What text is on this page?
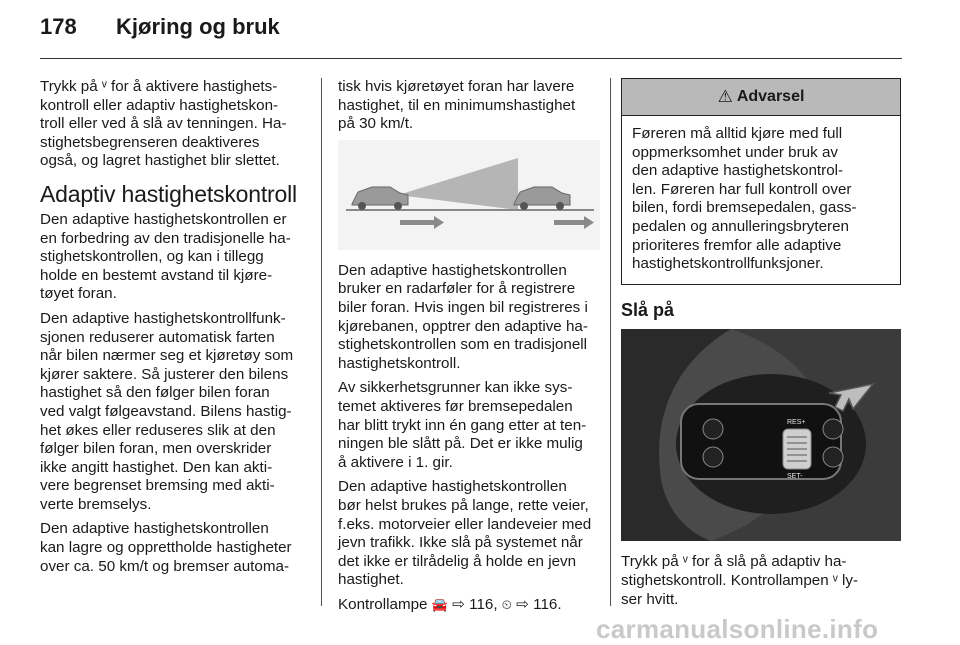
178 Kjøring og bruk

Trykk på ᵛ for å aktivere hastighets-
kontroll eller adaptiv hastighetskon-
troll eller ved å slå av tenningen. Ha-
stighetsbegrenseren deaktiveres
også, og lagret hastighet blir slettet.

Adaptiv hastighetskontroll

Den adaptive hastighetskontrollen er
en forbedring av den tradisjonelle ha-
stighetskontrollen, og kan i tillegg
holde en bestemt avstand til kjøre-
tøyet foran.

Den adaptive hastighetskontrollfunk-
sjonen reduserer automatisk farten
når bilen nærmer seg et kjøretøy som
kjører saktere. Så justerer den bilens
hastighet så den følger bilen foran
ved valgt følgeavstand. Bilens hastig-
het økes eller reduseres slik at den
følger bilen foran, men overskrider
ikke angitt hastighet. Den kan akti-
vere begrenset bremsing med akti-
verte bremselys.

Den adaptive hastighetskontrollen
kan lagre og opprettholde hastigheter
over ca. 50 km/t og bremser automa-

tisk hvis kjøretøyet foran har lavere
hastighet, til en minimumshastighet
på 30 km/t.

Den adaptive hastighetskontrollen
bruker en radarføler for å registrere
biler foran. Hvis ingen bil registreres i
kjørebanen, opptrer den adaptive ha-
stighetskontrollen som en tradisjonell
hastighetskontroll.

Av sikkerhetsgrunner kan ikke sys-
temet aktiveres før bremsepedalen
har blitt trykt inn én gang etter at ten-
ningen ble slått på. Det er ikke mulig
å aktivere i 1. gir.

Den adaptive hastighetskontrollen
bør helst brukes på lange, rette veier,
f.eks. motorveier eller landeveier med
jevn trafikk. Ikke slå på systemet når
det ikke er tilrådelig å holde en jevn
hastighet.

Kontrollampe 🚘 ⇨ 116, ⏲ ⇨ 116.

⚠ Advarsel
Føreren må alltid kjøre med full
oppmerksomhet under bruk av
den adaptive hastighetskontrol-
len. Føreren har full kontroll over
bilen, fordi bremsepedalen, gass-
pedalen og annulleringsbryteren
prioriteres fremfor alle adaptive
hastighetskontrollfunksjoner.
Slå på
RES+
SET-

Trykk på ᵛ for å slå på adaptiv ha-
stighetskontroll. Kontrollampen ᵛ ly-
ser hvitt.

carmanualsonline.info
